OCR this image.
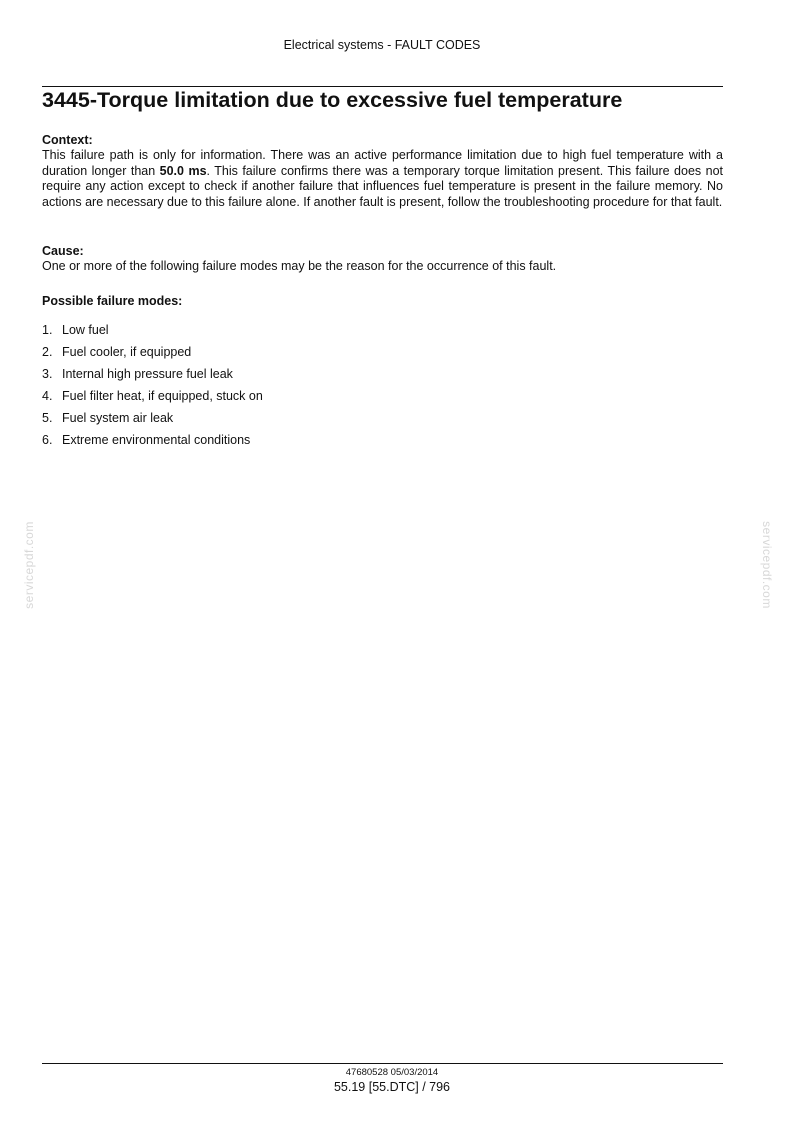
Electrical systems - FAULT CODES
3445-Torque limitation due to excessive fuel temperature
Context:

This failure path is only for information. There was an active performance limitation due to high fuel temperature with a duration longer than 50.0 ms. This failure confirms there was a temporary torque limitation present. This failure does not require any action except to check if another failure that influences fuel temperature is present in the failure memory. No actions are necessary due to this failure alone. If another fault is present, follow the troubleshooting procedure for that fault.

Cause:

One or more of the following failure modes may be the reason for the occurrence of this fault.

Possible failure modes:
1. Low fuel
2. Fuel cooler, if equipped
3. Internal high pressure fuel leak
4. Fuel filter heat, if equipped, stuck on
5. Fuel system air leak
6. Extreme environmental conditions
servicepdf.com	servicepdf.com
47680528 05/03/2014
55.19 [55.DTC] / 796
